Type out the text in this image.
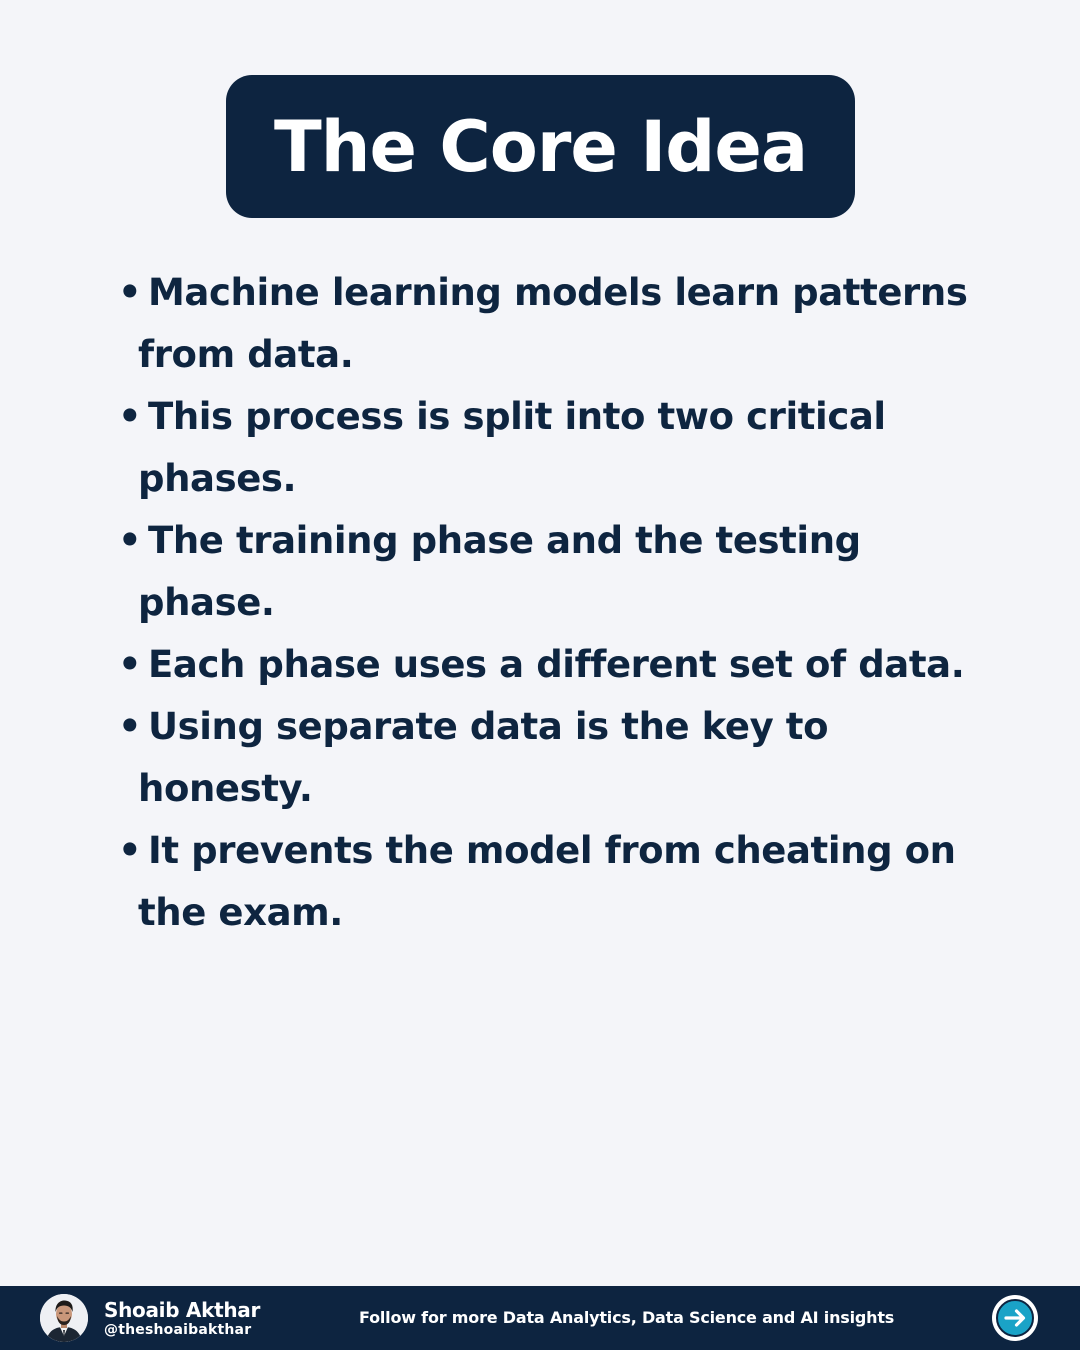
The Core Idea
• Machine learning models learn patterns from data.
• This process is split into two critical phases.
• The training phase and the testing phase.
• Each phase uses a different set of data.
• Using separate data is the key to honesty.
• It prevents the model from cheating on the exam.
Shoaib Akthar
@theshoaibakthar
Follow for more Data Analytics, Data Science and AI insights
